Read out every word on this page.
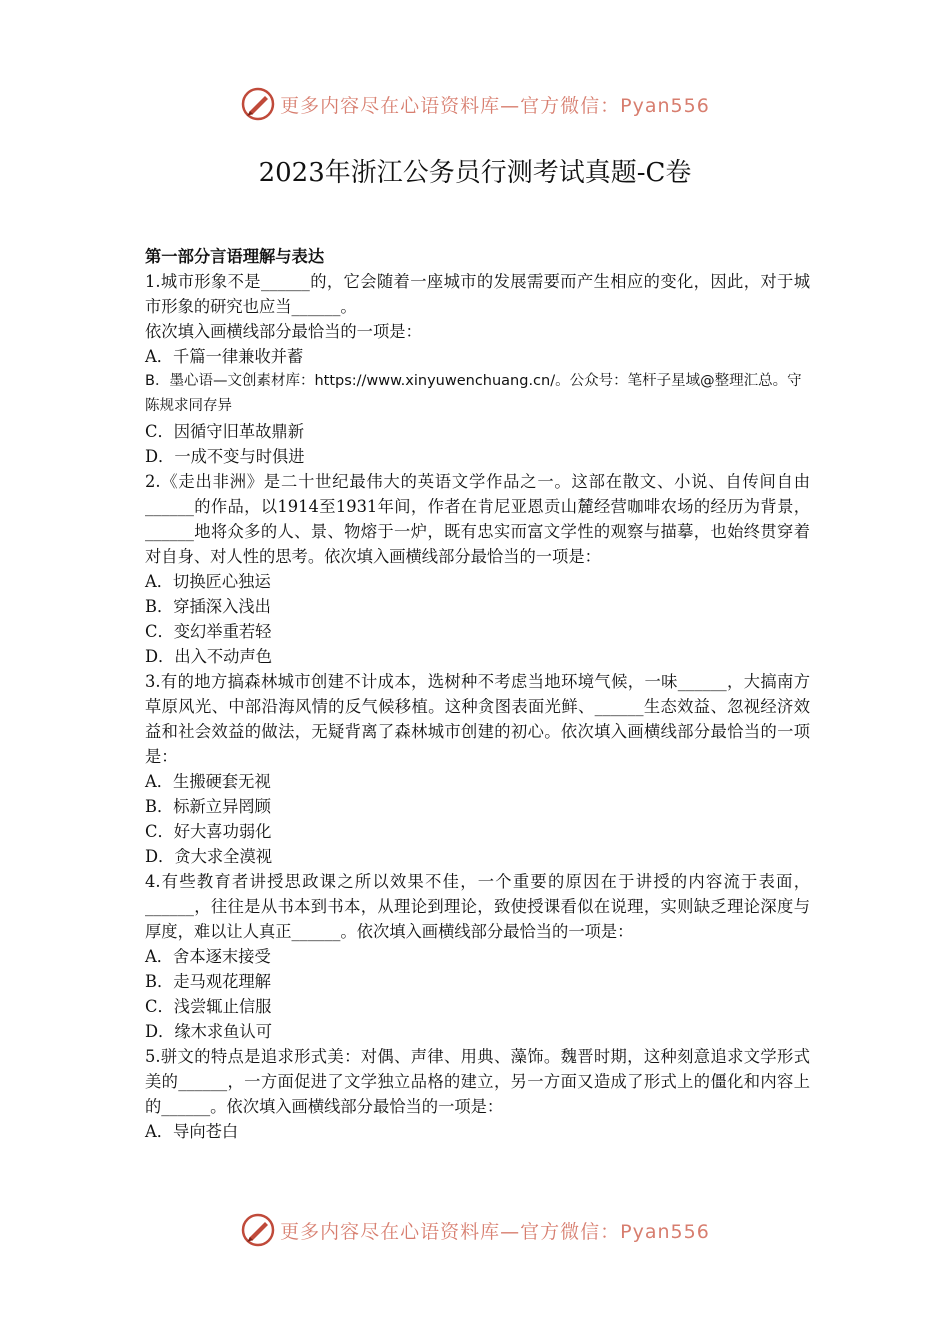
更多内容尽在心语资料库—官方微信：Pyan556
2023年浙江公务员行测考试真题-C卷

第一部分言语理解与表达

1.城市形象不是______的，它会随着一座城市的发展需要而产生相应的变化，因此，对于城市形象的研究也应当______。

依次填入画横线部分最恰当的一项是：

A．千篇一律兼收并蓄

B．墨心语—文创素材库：https://www.xinyuwenchuang.cn/。公众号：笔杆子星域@整理汇总。守陈规求同存异

C．因循守旧革故鼎新

D．一成不变与时俱进

2.《走出非洲》是二十世纪最伟大的英语文学作品之一。这部在散文、小说、自传间自由______的作品，以1914至1931年间，作者在肯尼亚恩贡山麓经营咖啡农场的经历为背景，______地将众多的人、景、物熔于一炉，既有忠实而富文学性的观察与描摹，也始终贯穿着对自身、对人性的思考。依次填入画横线部分最恰当的一项是：

A．切换匠心独运

B．穿插深入浅出

C．变幻举重若轻

D．出入不动声色

3.有的地方搞森林城市创建不计成本，选树种不考虑当地环境气候，一味______，大搞南方草原风光、中部沿海风情的反气候移植。这种贪图表面光鲜、______生态效益、忽视经济效益和社会效益的做法，无疑背离了森林城市创建的初心。依次填入画横线部分最恰当的一项是：

A．生搬硬套无视

B．标新立异罔顾

C．好大喜功弱化

D．贪大求全漠视

4.有些教育者讲授思政课之所以效果不佳，一个重要的原因在于讲授的内容流于表面，______，往往是从书本到书本，从理论到理论，致使授课看似在说理，实则缺乏理论深度与厚度，难以让人真正______。依次填入画横线部分最恰当的一项是：

A．舍本逐末接受

B．走马观花理解

C．浅尝辄止信服

D．缘木求鱼认可

5.骈文的特点是追求形式美：对偶、声律、用典、藻饰。魏晋时期，这种刻意追求文学形式美的______，一方面促进了文学独立品格的建立，另一方面又造成了形式上的僵化和内容上的______。依次填入画横线部分最恰当的一项是：

A．导向苍白

更多内容尽在心语资料库—官方微信：Pyan556
